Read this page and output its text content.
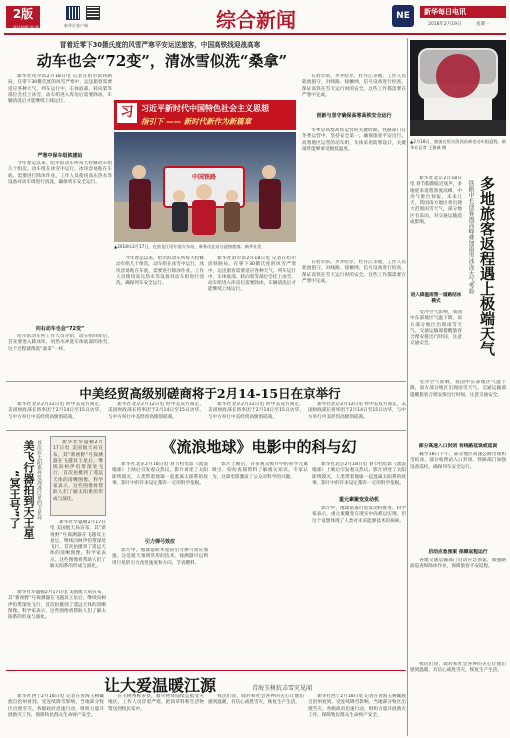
2版
责任编辑 陈·胜	新华社客户端	综合新闻	NE	新华每日电讯
2018年2月19日	星期一
冒着近零下30摄氏度的风雪严寒平安运送旅客，中国高铁线迎战高寒
动车也会“72变”，清冰雪似洗“桑拿”

新华社哈尔滨2月18日电 记者在哈尔滨铁路局。在零下30摄氏度的风雪严寒中，运送旅客需要适应各种天气。列车运行中，车体底部、转向架等部位会挂上冰雪，动车组进入库房后需要除冰，车辆清洗后才能继续上线运行。

严寒中保车组铁建站

今年春运以来，哈尔滨动车所每天检修动车组几十组次。动车组在冰雪中运行，冰块容易粘在车底，需要进行除冰作业。工作人员使用高压热水等设备对动车组进行清洗，确保列车安全运行。

向右动车也会“72变”

哈尔滨动车所工作人员介绍，动车组回库后，首先要进入除冰库，用热水冲洗车体底部的冰雪，这个过程就像洗“桑拿”一样。

习 习近平新时代中国特色社会主义思想
指引下 —— 新时代新作为新篇章
中国铁路
▲2018年2月17日，在黑龙江哈尔滨火车站，乘务员在站台迎接旅客。新华社发

今年春运以来，哈尔滨动车所每天检修动车组几十组次。动车组在冰雪中运行，冰块容易粘在车底，需要进行除冰作业。工作人员使用高压热水等设备对动车组进行清洗，确保列车安全运行。

新华社哈尔滨2月18日电 记者在哈尔滨铁路局。在零下30摄氏度的风雪严寒中，运送旅客需要适应各种天气。列车运行中，车体底部、转向架等部位会挂上冰雪，动车组进入库房后需要除冰，车辆清洗后才能继续上线运行。

在哈尔滨、齐齐哈尔、牡丹江等地，工作人员轮流值守，对线路、接触网、信号设备进行检查，保证高铁在雪天运行时的安全。这些工作都需要在严寒中完成。

创新与坚守确保高寒高铁安全运行

冬季是高寒高铁运营的关键时期。铁路部门在冬季运营中，坚持安全第一，确保旅客平安出行。高寒地区运营的动车组，车体采用防寒设计，关键部件能够承受极低温度。

在哈尔滨、齐齐哈尔、牡丹江等地，工作人员轮流值守，对线路、接触网、信号设备进行检查，保证高铁在雪天运行时的安全。这些工作都需要在严寒中完成。

▲2月18日，旅客在哈尔滨西站乘坐动车组返程。新华社记者 王建威 摄
多地旅客返程遇上极端天气
铁路中长途客流高峰叠加雨雪冰冻天气考验

新华社北京2月18日电 春节假期临近尾声，多地迎来返程客流高峰。中央气象台预报，未来几天，我国南方地区将出现大范围雨雪天气，部分地区有冻雨，对交通运输造成影响。

进入降温雨雪一道路结冰模式

受冷空气影响，我国中东部地区气温下降，南方部分地区出现雨雪天气。交通运输部提醒旅客合理安排出行时间，注意交通安全。

受冷空气影响，我国中东部地区气温下降，南方部分地区出现雨雪天气。交通运输部提醒旅客合理安排出行时间，注意交通安全。

部分高速入口封闭 有线路延误或延误

截至18日下午，部分地区高速公路出现积雪结冰，部分收费站入口封闭。铁路部门加强设备巡检，确保列车安全运行。

启动应急预案 保障返程运行

各地交通运输部门启动应急预案，加强路面巡查和除冰作业，保障旅客平安返程。

中美经贸高级别磋商将于2月14-15日在京举行

新华社北京2月12日电 经中美双方商定，美国财政部长将率团于2月14日至15日访华，与中方举行中美经贸高级别磋商。

新华社北京2月12日电 经中美双方商定，美国财政部长将率团于2月14日至15日访华，与中方举行中美经贸高级别磋商。

新华社北京2月12日电 经中美双方商定，美国财政部长将率团于2月14日至15日访华，与中方举行中美经贸高级别磋商。

新华社北京2月12日电 经中美双方商定，美国财政部长将率团于2月14日至15日访华，与中方举行中美经贸高级别磋商。

美飞行器拍到天王星
“冥王号”了	首次在太阳系外发现冰巨星的卫星环	新华社华盛顿2月17日电 美国航天局宣布，其“新视野”号探测器在飞越冥王星后，继续向柯伊伯带深处飞行，首次拍摄到了遥远天体的清晰图像。科学家表示，这些图像将帮助人们了解太阳系的形成与演化。

新华社华盛顿2月17日电 美国航天局宣布，其“新视野”号探测器在飞越冥王星后，继续向柯伊伯带深处飞行，首次拍摄到了遥远天体的清晰图像。科学家表示，这些图像将帮助人们了解太阳系的形成与演化。

新华社华盛顿2月17日电 美国航天局宣布，其“新视野”号探测器在飞越冥王星后，继续向柯伊伯带深处飞行，首次拍摄到了遥远天体的清晰图像。科学家表示，这些图像将帮助人们了解太阳系的形成与演化。

《流浪地球》电影中的科与幻

新华社北京2月18日电 春节档电影《流浪地球》上映后引发观众热议。影片讲述了太阳即将毁灭，人类带着地球一起逃离太阳系的故事。影片中的许多设定都有一定的科学依据。

引力弹弓效应

影片中，地球借助木星的引力弹弓效应加速。这是航天领域常用的技术，探测器可以利用行星的引力改变速度和方向，节省燃料。

影片上映后，许多观众被片中的科学元素吸引，纷纷查阅资料了解相关知识。专家认为，这部电影激发了公众对科学的兴趣。

新华社北京2月18日电 春节档电影《流浪地球》上映后引发观众热议。影片讲述了太阳即将毁灭，人类带着地球一起逃离太阳系的故事。影片中的许多设定都有一定的科学依据。

重元素聚变发动机

影片中，地球依靠行星发动机推进。科学家表示，重元素聚变在现实中尚难以实现，但这个设想体现了人类对未来能源技术的探索。

让大爱温暖江源	青海玉树抗击雪灾见闻

新华社西宁2月18日电 记者在青海玉树藏族自治州看到，受连续降雪影响，当地部分牧区出现雪灾。各级政府迅速行动，组织力量开展救灾工作，保障牧民群众生命财产安全。

在玉树州称多县，救灾物资陆续运抵受灾地区。工作人员冒着严寒，把饲草料和生活物资送到牧民家中。

牧民们说，政府和社会各界的关心让他们感到温暖，有信心战胜雪灾，恢复生产生活。

新华社西宁2月18日电 记者在青海玉树藏族自治州看到，受连续降雪影响，当地部分牧区出现雪灾。各级政府迅速行动，组织力量开展救灾工作，保障牧民群众生命财产安全。

牧民们说，政府和社会各界的关心让他们感到温暖，有信心战胜雪灾，恢复生产生活。
